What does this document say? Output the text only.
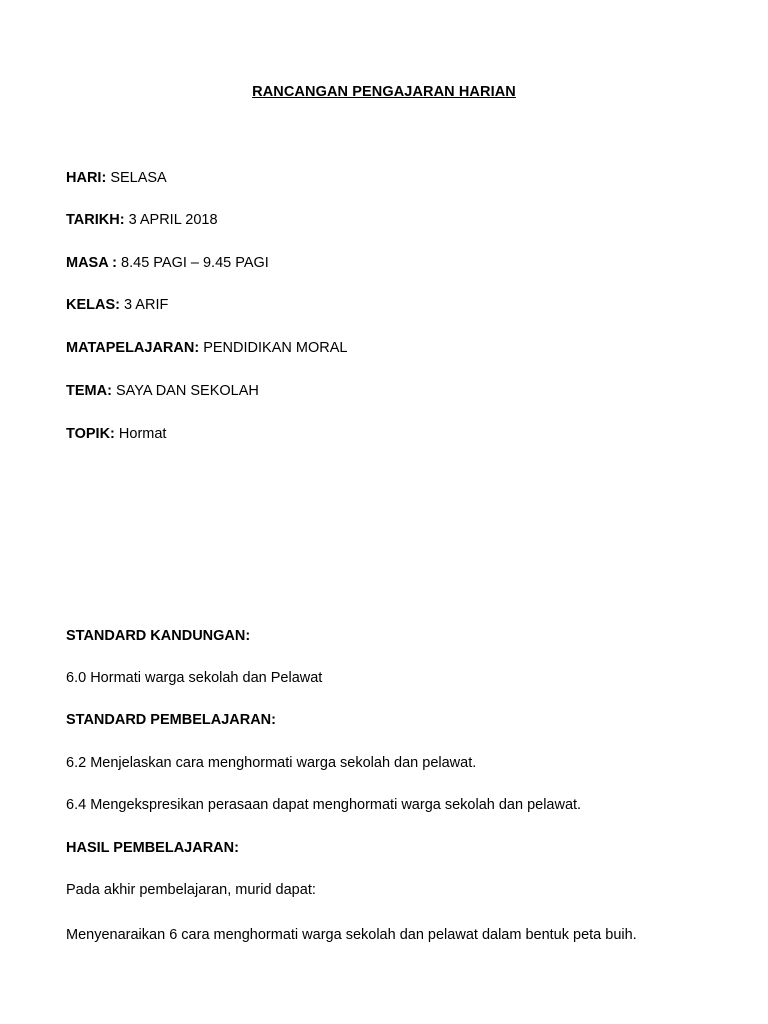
RANCANGAN PENGAJARAN HARIAN
HARI: SELASA
TARIKH: 3 APRIL 2018
MASA : 8.45 PAGI – 9.45 PAGI
KELAS: 3 ARIF
MATAPELAJARAN: PENDIDIKAN MORAL
TEMA: SAYA DAN SEKOLAH
TOPIK: Hormat
STANDARD KANDUNGAN:
6.0 Hormati warga sekolah dan Pelawat
STANDARD PEMBELAJARAN:
6.2 Menjelaskan cara menghormati warga sekolah dan pelawat.
6.4 Mengekspresikan perasaan dapat menghormati warga sekolah dan pelawat.
HASIL PEMBELAJARAN:
Pada akhir pembelajaran, murid dapat:
Menyenaraikan 6 cara menghormati warga sekolah dan pelawat dalam bentuk peta buih.
